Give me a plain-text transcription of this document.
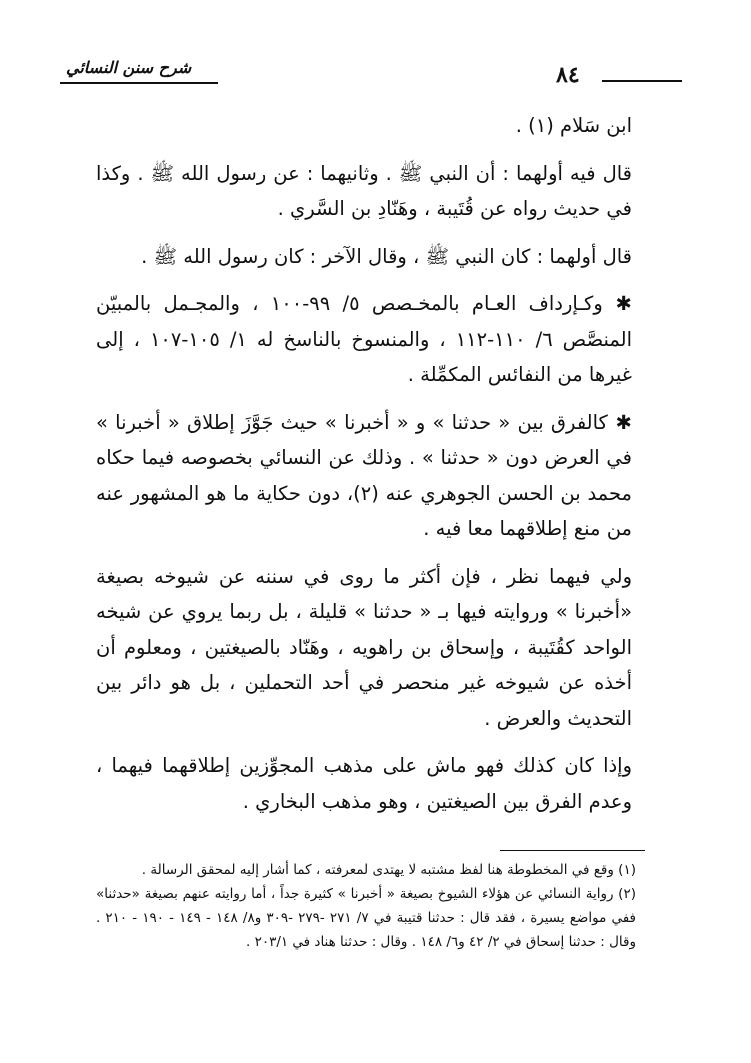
شرح سنن النسائي	٨٤

ابن سَلام (١) .

قال فيه أولهما : أن النبي ﷺ . وثانيهما : عن رسول الله ﷺ . وكذا في حديث رواه عن قُتَيبة ، وهَنّادِ بن السَّري .

قال أولهما : كان النبي ﷺ ، وقال الآخر : كان رسول الله ﷺ .

✱ وكـإرداف العـام بالمخـصص ٥/ ٩٩-١٠٠ ، والمجـمل بالمبيّن المنصَّص ٦/ ١١٠-١١٢ ، والمنسوخ بالناسخ له ١/ ١٠٥-١٠٧ ، إلى غيرها من النفائس المكمِّلة .

✱ كالفرق بين « حدثنا » و « أخبرنا » حيث جَوَّزَ إطلاق « أخبرنا » في العرض دون « حدثنا » . وذلك عن النسائي بخصوصه فيما حكاه محمد بن الحسن الجوهري عنه (٢)، دون حكاية ما هو المشهور عنه من منع إطلاقهما معا فيه .

ولي فيهما نظر ، فإن أكثر ما روى في سننه عن شيوخه بصيغة «أخبرنا » وروايته فيها بـ « حدثنا » قليلة ، بل ربما يروي عن شيخه الواحد كقُتَيبة ، وإسحاق بن راهويه ، وهَنّاد بالصيغتين ، ومعلوم أن أخذه عن شيوخه غير منحصر في أحد التحملين ، بل هو دائر بين التحديث والعرض .

وإذا كان كذلك فهو ماش على مذهب المجوِّزين إطلاقهما فيهما ، وعدم الفرق بين الصيغتين ، وهو مذهب البخاري .

(١) وقع في المخطوطة هنا لفظ مشتبه لا يهتدى لمعرفته ، كما أشار إليه لمحقق الرسالة .

(٢) رواية النسائي عن هؤلاء الشيوخ بصيغة « أخبرنا » كثيرة جداً ، أما روايته عنهم بصيغة «حدثنا» ففي مواضع يسيرة ، فقد قال : حدثنا قتيبة في ٧/ ٢٧١ -٢٧٩ -٣٠٩ و٨/ ١٤٨ - ١٤٩ - ١٩٠ - ٢١٠ . وقال : حدثنا إسحاق في ٢/ ٤٢ و٦/ ١٤٨ . وقال : حدثنا هناد في ٢٠٣/١ .
